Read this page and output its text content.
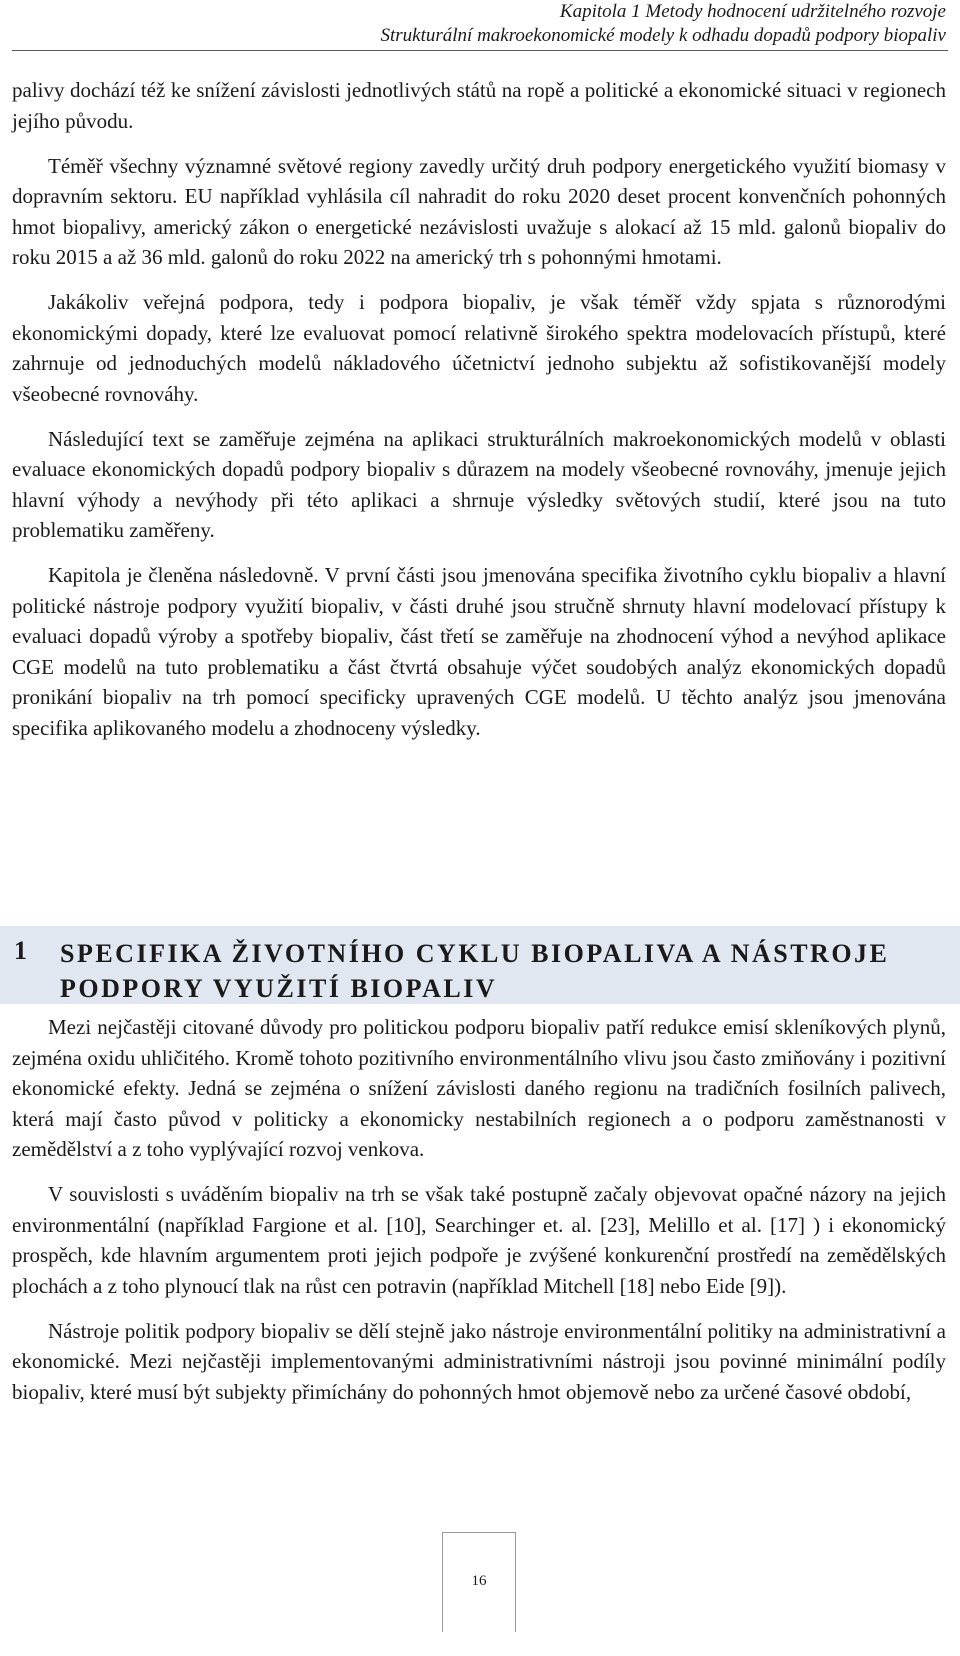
Kapitola 1 Metody hodnocení udržitelného rozvoje
Strukturální makroekonomické modely k odhadu dopadů podpory biopaliv

palivy dochází též ke snížení závislosti jednotlivých států na ropě a politické a ekonomické situaci v regionech jejího původu.

Téměř všechny významné světové regiony zavedly určitý druh podpory energetického využití biomasy v dopravním sektoru. EU například vyhlásila cíl nahradit do roku 2020 deset procent konvenčních pohonných hmot biopalivy, americký zákon o energetické nezávislosti uvažuje s alokací až 15 mld. galonů biopaliv do roku 2015 a až 36 mld. galonů do roku 2022 na americký trh s pohonnými hmotami.

Jakákoliv veřejná podpora, tedy i podpora biopaliv, je však téměř vždy spjata s různorodými ekonomickými dopady, které lze evaluovat pomocí relativně širokého spektra modelovacích přístupů, které zahrnuje od jednoduchých modelů nákladového účetnictví jednoho subjektu až sofistikovanější modely všeobecné rovnováhy.

Následující text se zaměřuje zejména na aplikaci strukturálních makroekonomických modelů v oblasti evaluace ekonomických dopadů podpory biopaliv s důrazem na modely všeobecné rovnováhy, jmenuje jejich hlavní výhody a nevýhody při této aplikaci a shrnuje výsledky světových studií, které jsou na tuto problematiku zaměřeny.

Kapitola je členěna následovně. V první části jsou jmenována specifika životního cyklu biopaliv a hlavní politické nástroje podpory využití biopaliv, v části druhé jsou stručně shrnuty hlavní modelovací přístupy k evaluaci dopadů výroby a spotřeby biopaliv, část třetí se zaměřuje na zhodnocení výhod a nevýhod aplikace CGE modelů na tuto problematiku a část čtvrtá obsahuje výčet soudobých analýz ekonomických dopadů pronikání biopaliv na trh pomocí specificky upravených CGE modelů. U těchto analýz jsou jmenována specifika aplikovaného modelu a zhodnoceny výsledky.

1 SPECIFIKA ŽIVOTNÍHO CYKLU BIOPALIVA A NÁSTROJE PODPORY VYUŽITÍ BIOPALIV

Mezi nejčastěji citované důvody pro politickou podporu biopaliv patří redukce emisí skleníkových plynů, zejména oxidu uhličitého. Kromě tohoto pozitivního environmentálního vlivu jsou často zmiňovány i pozitivní ekonomické efekty. Jedná se zejména o snížení závislosti daného regionu na tradičních fosilních palivech, která mají často původ v politicky a ekonomicky nestabilních regionech a o podporu zaměstnanosti v zemědělství a z toho vyplývající rozvoj venkova.

V souvislosti s uváděním biopaliv na trh se však také postupně začaly objevovat opačné názory na jejich environmentální (například Fargione et al. [10], Searchinger et. al. [23], Melillo et al. [17] ) i ekonomický prospěch, kde hlavním argumentem proti jejich podpoře je zvýšené konkurenční prostředí na zemědělských plochách a z toho plynoucí tlak na růst cen potravin (například Mitchell [18] nebo Eide [9]).

Nástroje politik podpory biopaliv se dělí stejně jako nástroje environmentální politiky na administrativní a ekonomické. Mezi nejčastěji implementovanými administrativními nástroji jsou povinné minimální podíly biopaliv, které musí být subjekty přimíchány do pohonných hmot objemově nebo za určené časové období,

16
